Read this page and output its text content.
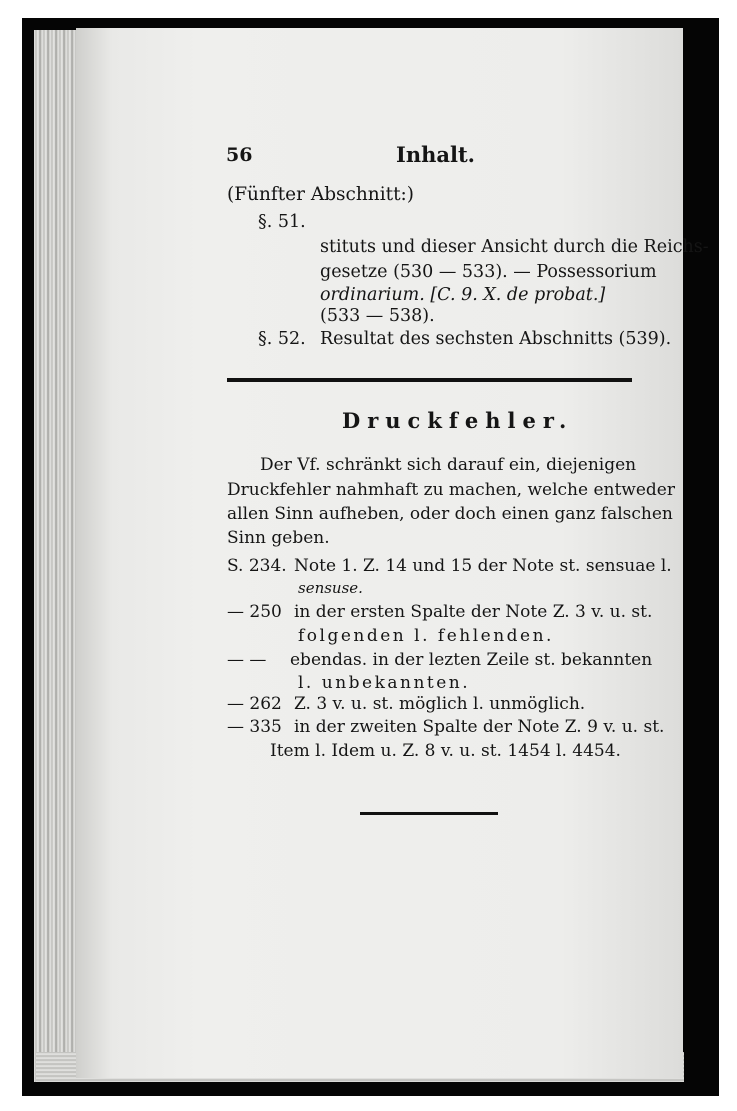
56	Inhalt.
(Fünfter Abschnitt:)
§. 51.
stituts und dieser Ansicht durch die Reichs-
gesetze (530 — 533). — Possessorium
ordinarium. [C. 9. X. de probat.]
(533 — 538).
§. 52. Resultat des sechsten Abschnitts (539).
Druckfehler.
Der Vf. schränkt sich darauf ein, diejenigen
Druckfehler nahmhaft zu machen, welche entweder
allen Sinn aufheben, oder doch einen ganz falschen
Sinn geben.
S. 234. Note 1. Z. 14 und 15 der Note st. sensuae l.
sensuse.
— 250 in der ersten Spalte der Note Z. 3 v. u. st.
folgenden l. fehlenden.
— — ebendas. in der lezten Zeile st. bekannten
l. unbekannten.
— 262 Z. 3 v. u. st. möglich l. unmöglich.
— 335 in der zweiten Spalte der Note Z. 9 v. u. st.
Item l. Idem u. Z. 8 v. u. st. 1454 l. 4454.
